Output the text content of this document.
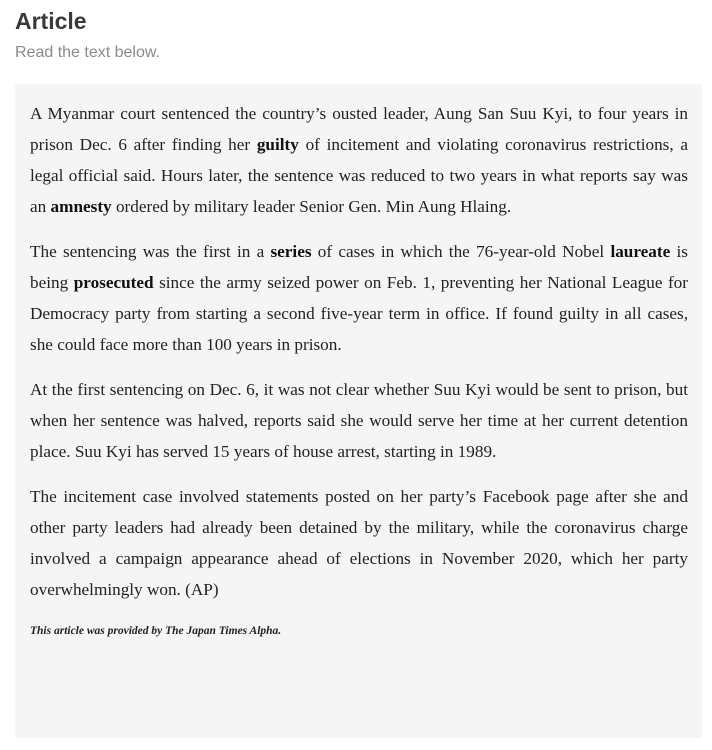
Article

Read the text below.

A Myanmar court sentenced the country’s ousted leader, Aung San Suu Kyi, to four years in prison Dec. 6 after finding her guilty of incitement and violating coronavirus restrictions, a legal official said. Hours later, the sentence was reduced to two years in what reports say was an amnesty ordered by military leader Senior Gen. Min Aung Hlaing.

The sentencing was the first in a series of cases in which the 76-year-old Nobel laureate is being prosecuted since the army seized power on Feb. 1, preventing her National League for Democracy party from starting a second five-year term in office. If found guilty in all cases, she could face more than 100 years in prison.

At the first sentencing on Dec. 6, it was not clear whether Suu Kyi would be sent to prison, but when her sentence was halved, reports said she would serve her time at her current detention place. Suu Kyi has served 15 years of house arrest, starting in 1989.

The incitement case involved statements posted on her party’s Facebook page after she and other party leaders had already been detained by the military, while the coronavirus charge involved a campaign appearance ahead of elections in November 2020, which her party overwhelmingly won. (AP)

This article was provided by The Japan Times Alpha.
